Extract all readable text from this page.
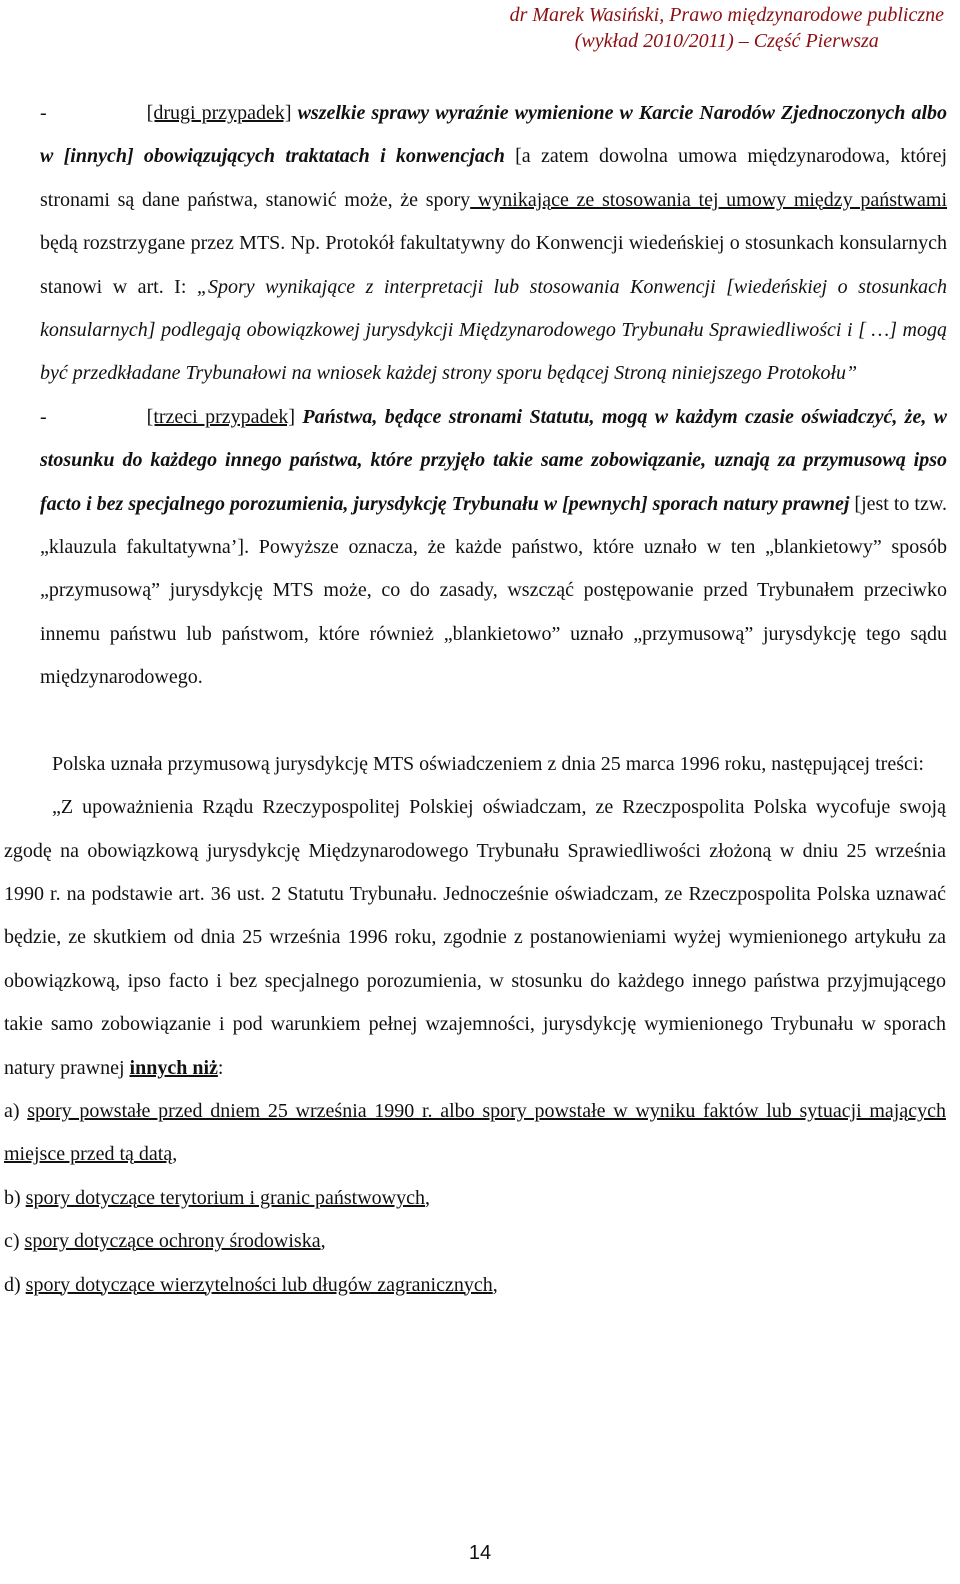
dr Marek Wasiński, Prawo międzynarodowe publiczne
(wykład 2010/2011) – Część Pierwsza

-	[drugi przypadek] wszelkie sprawy wyraźnie wymienione w Karcie Narodów Zjednoczonych albo w [innych] obowiązujących traktatach i konwencjach [a zatem dowolna umowa międzynarodowa, której stronami są dane państwa, stanowić może, że spory wynikające ze stosowania tej umowy między państwami będą rozstrzygane przez MTS. Np. Protokół fakultatywny do Konwencji wiedeńskiej o stosunkach konsularnych stanowi w art. I: „Spory wynikające z interpretacji lub stosowania Konwencji [wiedeńskiej o stosunkach konsularnych] podlegają obowiązkowej jurysdykcji Międzynarodowego Trybunału Sprawiedliwości i [ …] mogą być przedkładane Trybunałowi na wniosek każdej strony sporu będącej Stroną niniejszego Protokołu”

-	[trzeci przypadek] Państwa, będące stronami Statutu, mogą w każdym czasie oświadczyć, że, w stosunku do każdego innego państwa, które przyjęło takie same zobowiązanie, uznają za przymusową ipso facto i bez specjalnego porozumienia, jurysdykcję Trybunału w [pewnych] sporach natury prawnej [jest to tzw. „klauzula fakultatywna’]. Powyższe oznacza, że każde państwo, które uznało w ten „blankietowy” sposób „przymusową” jurysdykcję MTS może, co do zasady, wszcząć postępowanie przed Trybunałem przeciwko innemu państwu lub państwom, które również „blankietowo” uznało „przymusową” jurysdykcję tego sądu międzynarodowego.

Polska uznała przymusową jurysdykcję MTS oświadczeniem z dnia 25 marca 1996 roku, następującej treści:

„Z upoważnienia Rządu Rzeczypospolitej Polskiej oświadczam, ze Rzeczpospolita Polska wycofuje swoją zgodę na obowiązkową jurysdykcję Międzynarodowego Trybunału Sprawiedliwości złożoną w dniu 25 września 1990 r. na podstawie art. 36 ust. 2 Statutu Trybunału. Jednocześnie oświadczam, ze Rzeczpospolita Polska uznawać będzie, ze skutkiem od dnia 25 września 1996 roku, zgodnie z postanowieniami wyżej wymienionego artykułu za obowiązkową, ipso facto i bez specjalnego porozumienia, w stosunku do każdego innego państwa przyjmującego takie samo zobowiązanie i pod warunkiem pełnej wzajemności, jurysdykcję wymienionego Trybunału w sporach natury prawnej innych niż:

a) spory powstałe przed dniem 25 września 1990 r. albo spory powstałe w wyniku faktów lub sytuacji mających miejsce przed tą datą,

b) spory dotyczące terytorium i granic państwowych,

c) spory dotyczące ochrony środowiska,

d) spory dotyczące wierzytelności lub długów zagranicznych,

14
